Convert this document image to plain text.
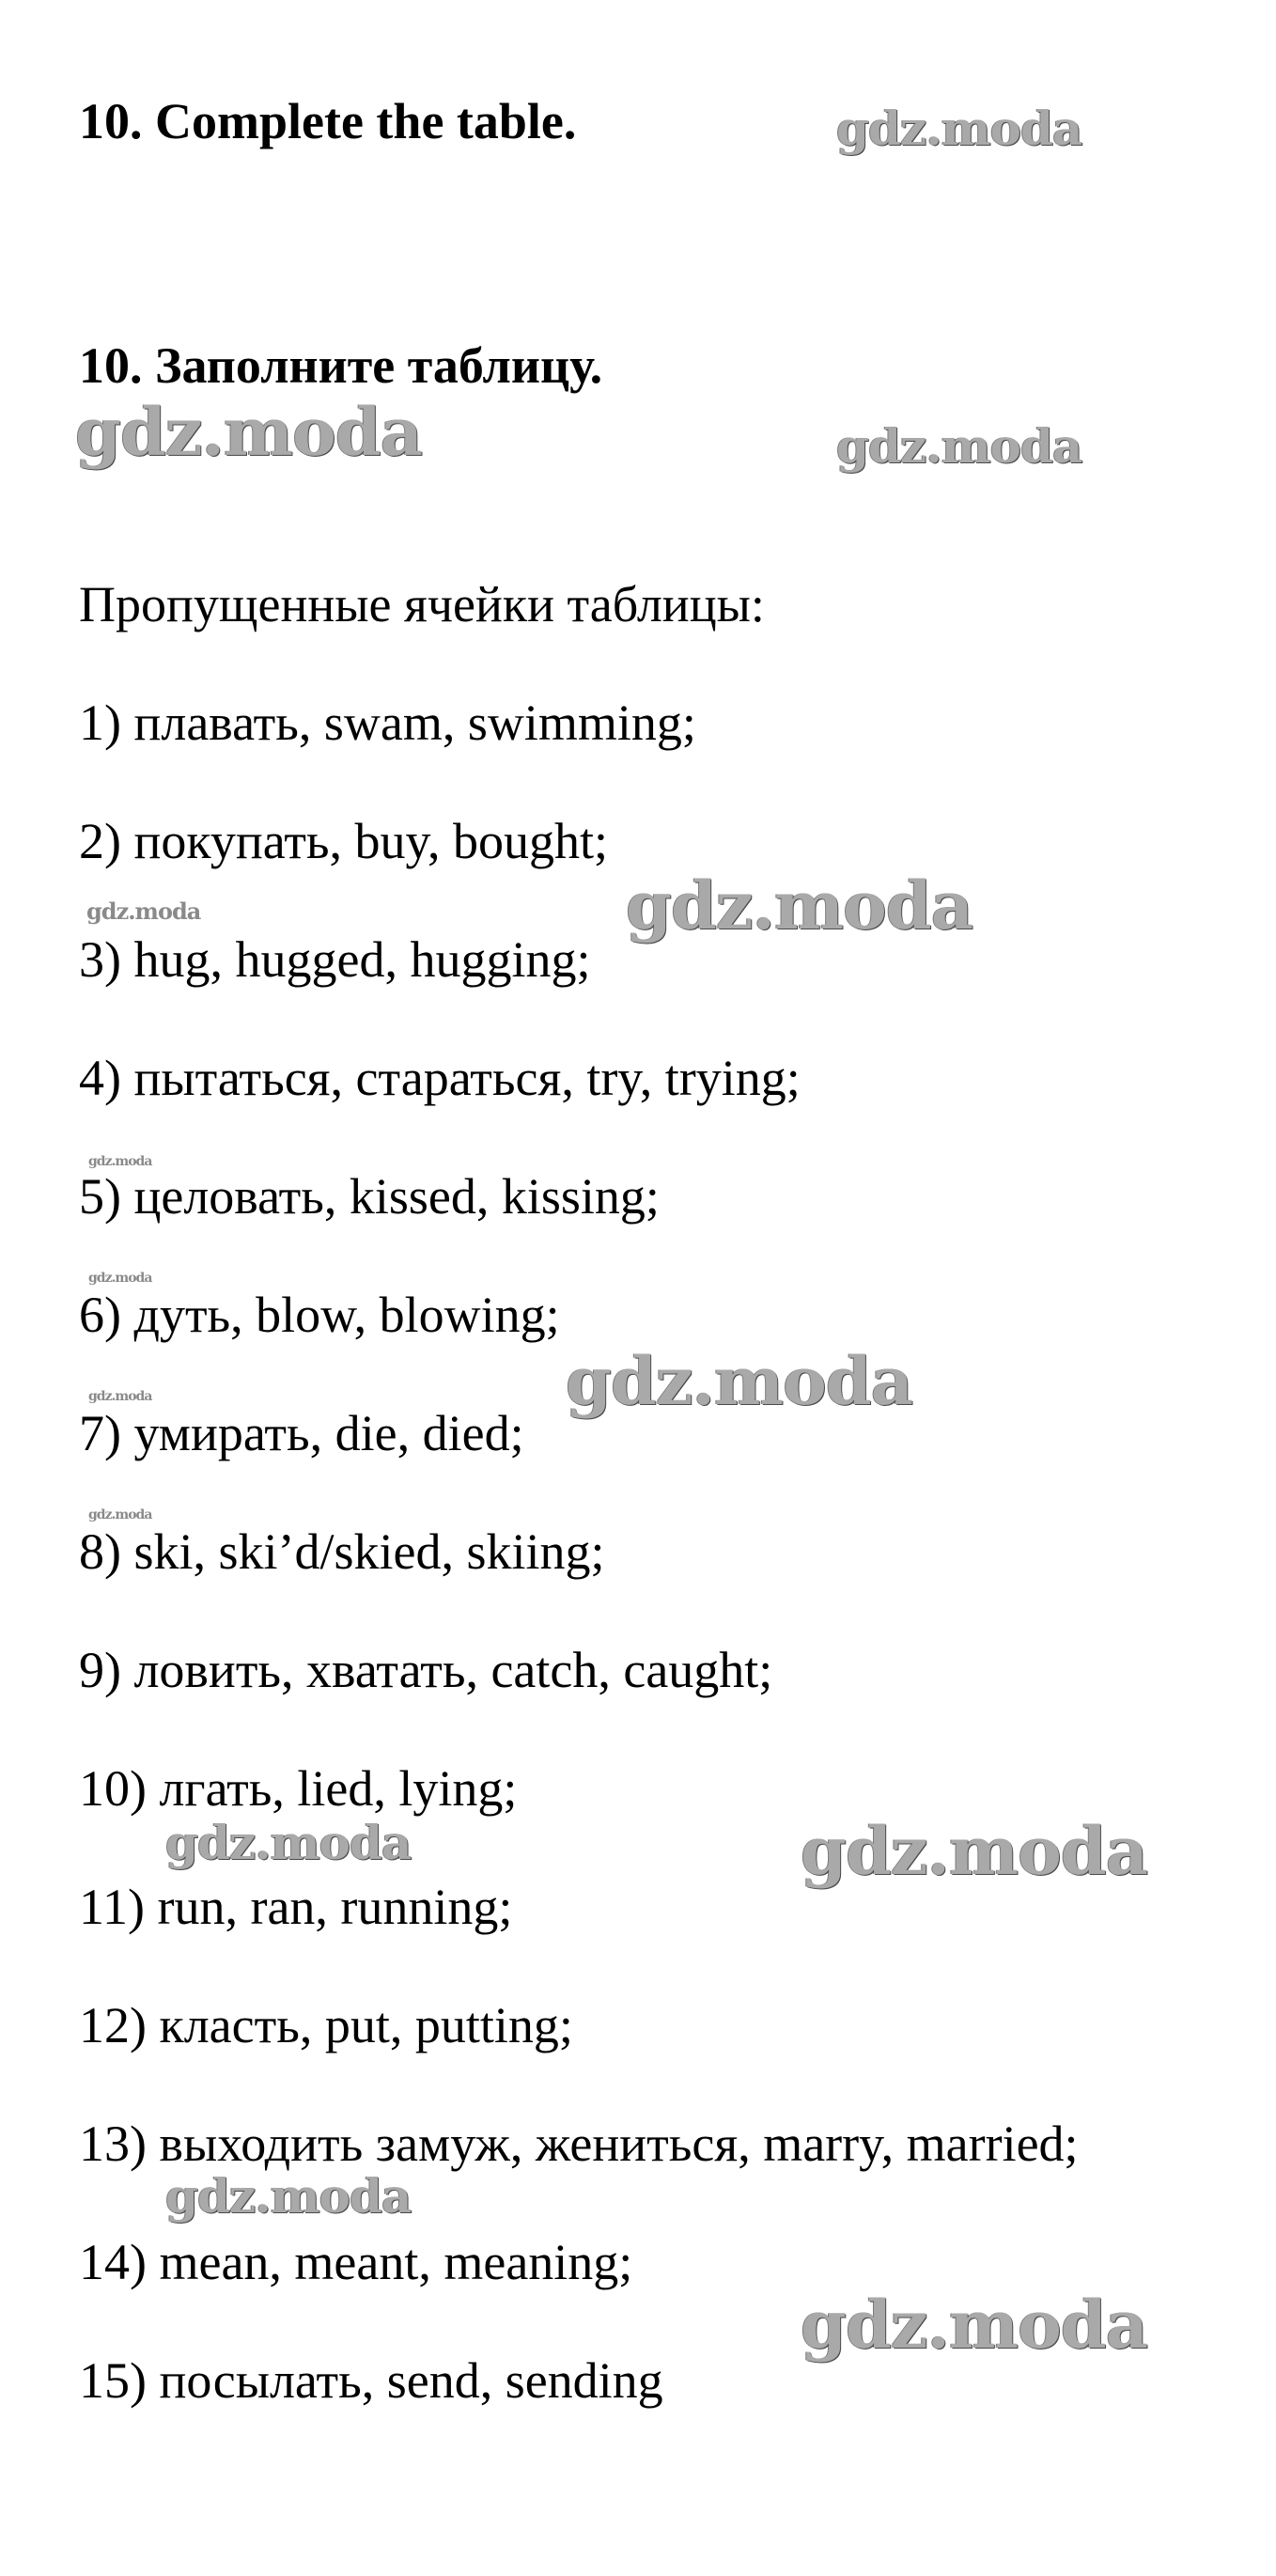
10. Complete the table.
10. Заполните таблицу.

Пропущенные ячейки таблицы:

1) плавать, swam, swimming;

2) покупать, buy, bought;

3) hug, hugged, hugging;

4) пытаться, стараться, try, trying;

5) целовать, kissed, kissing;

6) дуть, blow, blowing;

7) умирать, die, died;

8) ski, ski’d/skied, skiing;

9) ловить, хватать, catch, caught;

10) лгать, lied, lying;

11) run, ran, running;

12) класть, put, putting;

13) выходить замуж, жениться, marry, married;

14) mean, meant, meaning;

15) посылать, send, sending

gdz.moda
gdz.moda	gdz.moda
gdz.moda	gdz.moda
gdz.moda
gdz.moda
gdz.moda
gdz.moda
gdz.moda
gdz.moda	gdz.moda
gdz.moda
gdz.moda
